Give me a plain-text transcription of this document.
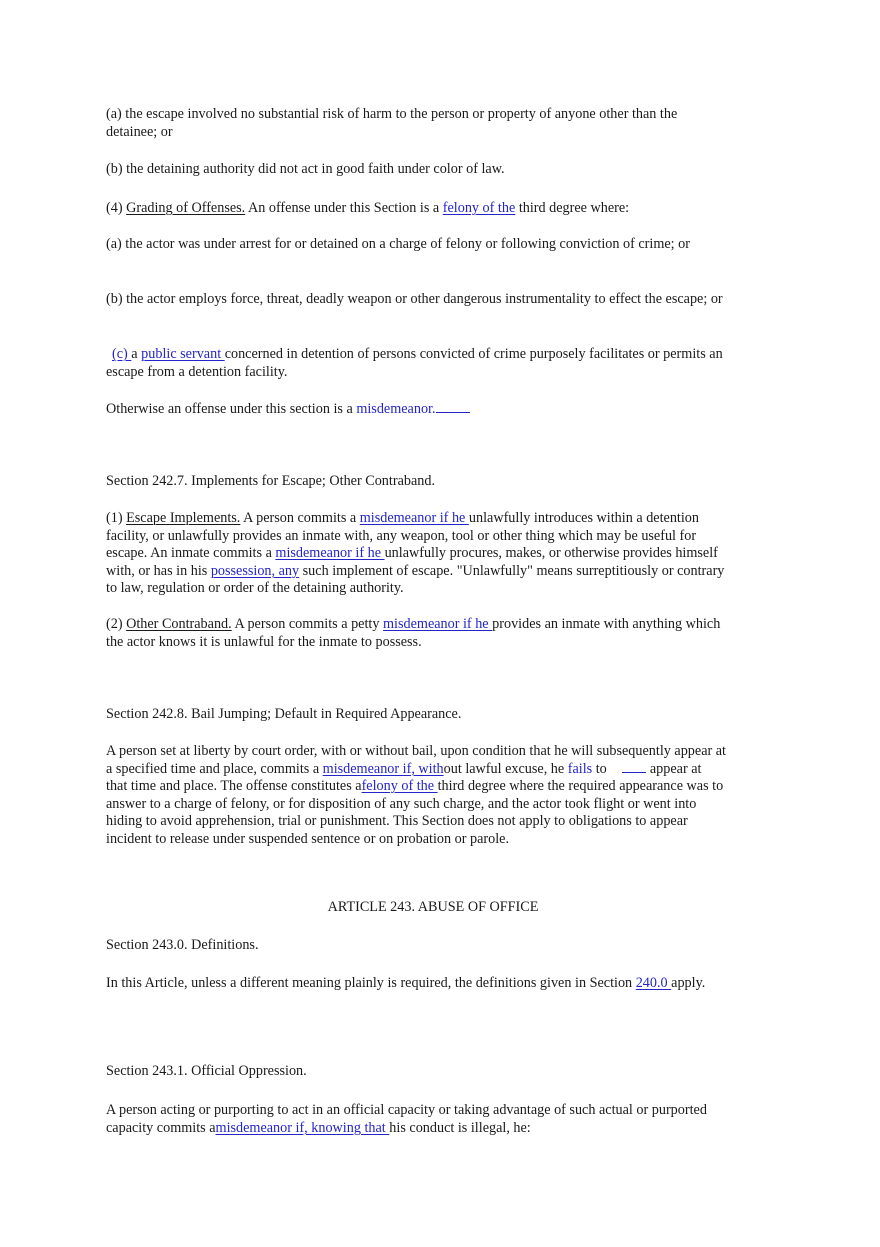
(a) the escape involved no substantial risk of harm to the person or property of anyone other than the detainee; or

(b) the detaining authority did not act in good faith under color of law.

(4) Grading of Offenses. An offense under this Section is a felony of the third degree where:

(a) the actor was under arrest for or detained on a charge of felony or following conviction of crime; or

(b) the actor employs force, threat, deadly weapon or other dangerous instrumentality to effect the escape; or

(c) a public servant concerned in detention of persons convicted of crime purposely facilitates or permits an escape from a detention facility.

Otherwise an offense under this section is a misdemeanor.

Section 242.7. Implements for Escape; Other Contraband.

(1) Escape Implements. A person commits a misdemeanor if he unlawfully introduces within a detention facility, or unlawfully provides an inmate with, any weapon, tool or other thing which may be useful for escape. An inmate commits a misdemeanor if he unlawfully procures, makes, or otherwise provides himself with, or has in his possession, any such implement of escape. "Unlawfully" means surreptitiously or contrary to law, regulation or order of the detaining authority.

(2) Other Contraband. A person commits a petty misdemeanor if he provides an inmate with anything which the actor knows it is unlawful for the inmate to possess.

Section 242.8. Bail Jumping; Default in Required Appearance.

A person set at liberty by court order, with or without bail, upon condition that he will subsequently appear at a specified time and place, commits a misdemeanor if, without lawful excuse, he fails to	appear at that time and place. The offense constitutes afelony of the third degree where the required appearance was to answer to a charge of felony, or for disposition of any such charge, and the actor took flight or went into hiding to avoid apprehension, trial or punishment. This Section does not apply to obligations to appear incident to release under suspended sentence or on probation or parole.

ARTICLE 243. ABUSE OF OFFICE

Section 243.0. Definitions.

In this Article, unless a different meaning plainly is required, the definitions given in Section 240.0 apply.

Section 243.1. Official Oppression.

A person acting or purporting to act in an official capacity or taking advantage of such actual or purported capacity commits amisdemeanor if, knowing that his conduct is illegal, he:
